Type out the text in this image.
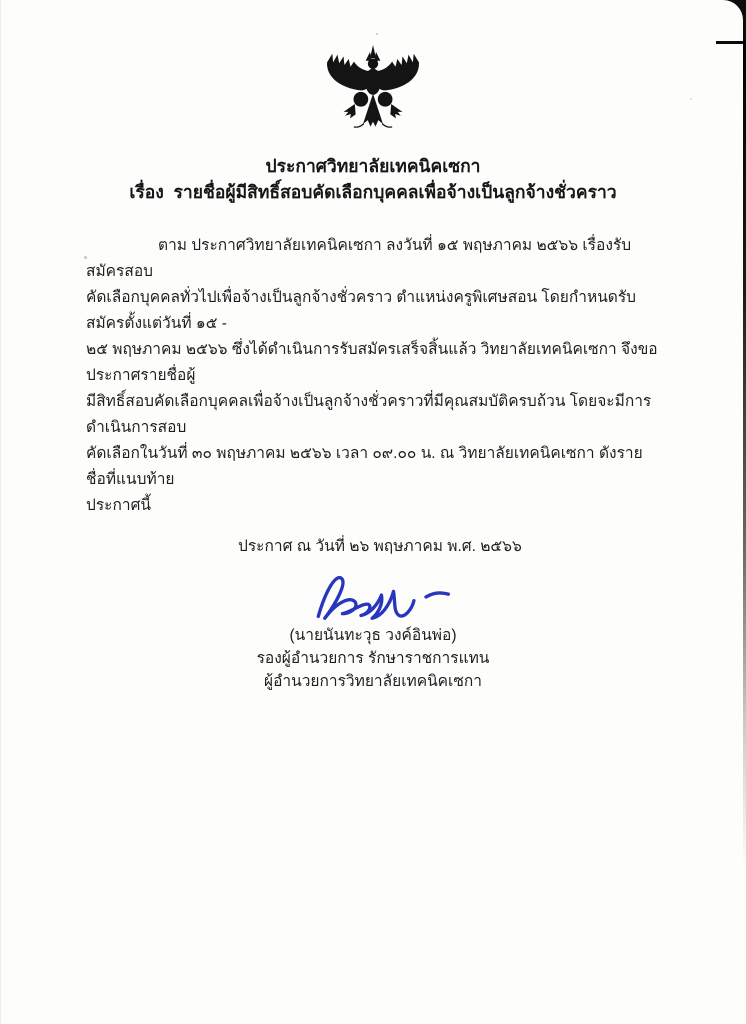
ประกาศวิทยาลัยเทคนิคเซกา
เรื่อง  รายชื่อผู้มีสิทธิ์สอบคัดเลือกบุคคลเพื่อจ้างเป็นลูกจ้างชั่วคราว
ตาม ประกาศวิทยาลัยเทคนิคเซกา ลงวันที่ ๑๕ พฤษภาคม ๒๕๖๖ เรื่องรับสมัครสอบ
คัดเลือกบุคคลทั่วไปเพื่อจ้างเป็นลูกจ้างชั่วคราว ตำแหน่งครูพิเศษสอน โดยกำหนดรับสมัครตั้งแต่วันที่ ๑๕ -
๒๕ พฤษภาคม ๒๕๖๖ ซึ่งได้ดำเนินการรับสมัครเสร็จสิ้นแล้ว วิทยาลัยเทคนิคเซกา จึงขอประกาศรายชื่อผู้
มีสิทธิ์สอบคัดเลือกบุคคลเพื่อจ้างเป็นลูกจ้างชั่วคราวที่มีคุณสมบัติครบถ้วน โดยจะมีการดำเนินการสอบ
คัดเลือกในวันที่ ๓๐ พฤษภาคม ๒๕๖๖ เวลา ๐๙.๐๐ น. ณ วิทยาลัยเทคนิคเซกา ดังรายชื่อที่แนบท้าย
ประกาศนี้
ประกาศ ณ วันที่ ๒๖ พฤษภาคม พ.ศ. ๒๕๖๖
(นายนันทะวุธ วงค์อินพ่อ)
รองผู้อำนวยการ รักษาราชการแทน
ผู้อำนวยการวิทยาลัยเทคนิคเซกา
